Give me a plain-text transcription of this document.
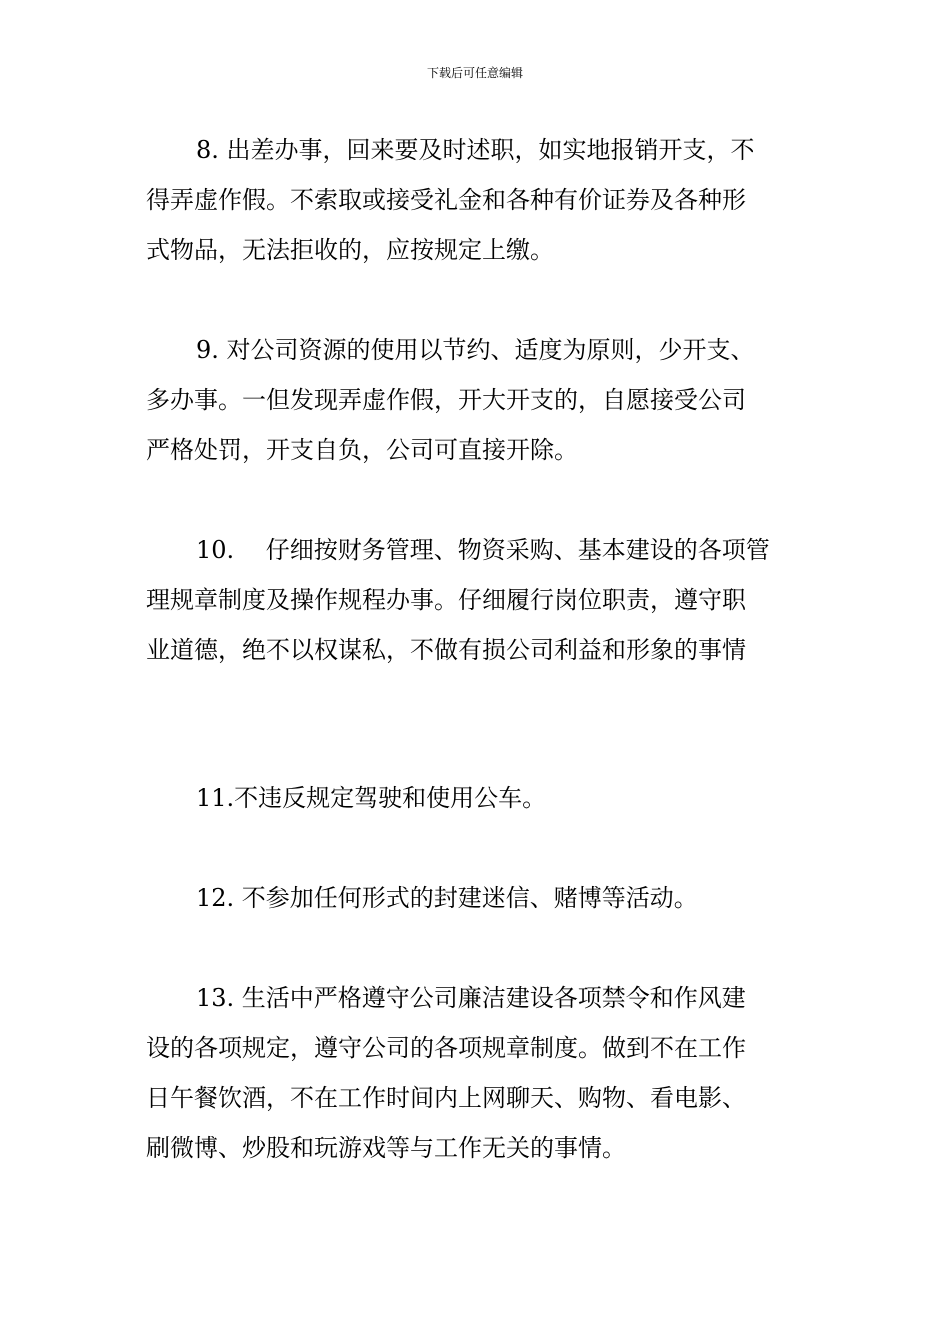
下载后可任意编辑
8. 出差办事，回来要及时述职，如实地报销开支，不
得弄虚作假。不索取或接受礼金和各种有价证券及各种形
式物品，无法拒收的，应按规定上缴。
9. 对公司资源的使用以节约、适度为原则，少开支、
多办事。一但发现弄虚作假，开大开支的，自愿接受公司
严格处罚，开支自负，公司可直接开除。
10.　 仔细按财务管理、物资采购、基本建设的各项管
理规章制度及操作规程办事。仔细履行岗位职责，遵守职
业道德，绝不以权谋私，不做有损公司利益和形象的事情
11.不违反规定驾驶和使用公车。
12. 不参加任何形式的封建迷信、赌博等活动。
13. 生活中严格遵守公司廉洁建设各项禁令和作风建
设的各项规定，遵守公司的各项规章制度。做到不在工作
日午餐饮酒，不在工作时间内上网聊天、购物、看电影、
刷微博、炒股和玩游戏等与工作无关的事情。
